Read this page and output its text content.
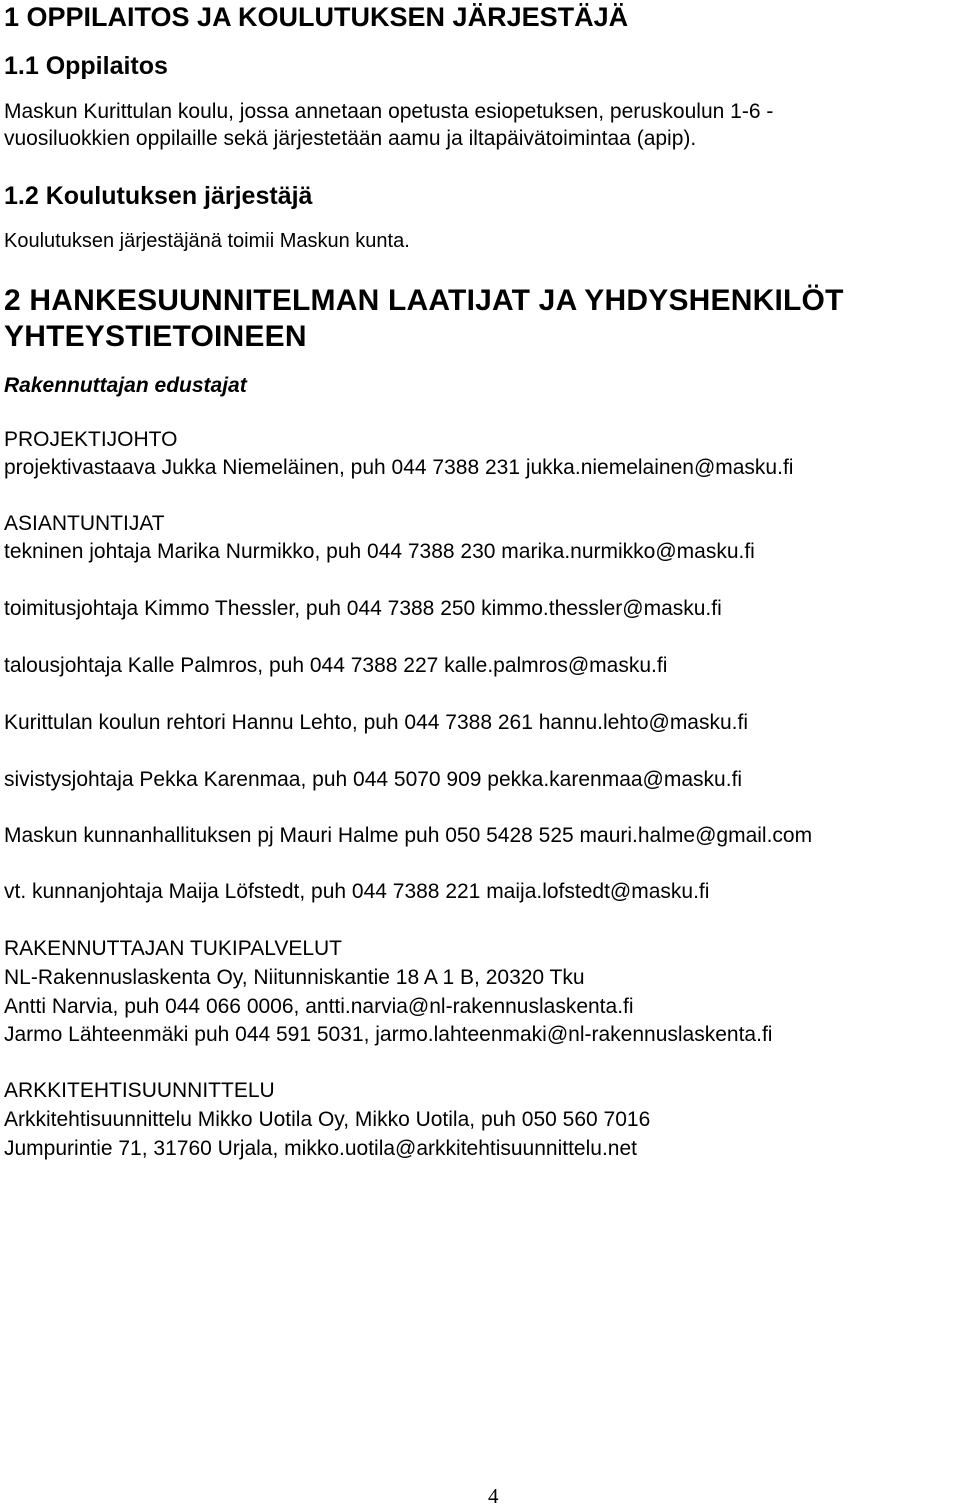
1 OPPILAITOS JA KOULUTUKSEN JÄRJESTÄJÄ
1.1 Oppilaitos
Maskun Kurittulan koulu, jossa annetaan opetusta esiopetuksen, peruskoulun 1-6 -
vuosiluokkien oppilaille sekä järjestetään aamu ja iltapäivätoimintaa (apip).
1.2 Koulutuksen järjestäjä
Koulutuksen järjestäjänä toimii Maskun kunta.
2 HANKESUUNNITELMAN LAATIJAT JA YHDYSHENKILÖT
YHTEYSTIETOINEEN
Rakennuttajan edustajat
PROJEKTIJOHTO
projektivastaava Jukka Niemeläinen, puh 044 7388 231 jukka.niemelainen@masku.fi
ASIANTUNTIJAT
tekninen johtaja Marika Nurmikko, puh 044 7388 230 marika.nurmikko@masku.fi
toimitusjohtaja Kimmo Thessler, puh 044 7388 250 kimmo.thessler@masku.fi
talousjohtaja Kalle Palmros, puh 044 7388 227 kalle.palmros@masku.fi
Kurittulan koulun rehtori Hannu Lehto, puh 044 7388 261 hannu.lehto@masku.fi
sivistysjohtaja Pekka Karenmaa, puh 044 5070 909 pekka.karenmaa@masku.fi
Maskun kunnanhallituksen pj Mauri Halme puh 050 5428 525 mauri.halme@gmail.com
vt. kunnanjohtaja Maija Löfstedt, puh 044 7388 221 maija.lofstedt@masku.fi
RAKENNUTTAJAN TUKIPALVELUT
NL-Rakennuslaskenta Oy, Niitunniskantie 18 A 1 B, 20320 Tku
Antti Narvia, puh 044 066 0006, antti.narvia@nl-rakennuslaskenta.fi
Jarmo Lähteenmäki puh 044 591 5031, jarmo.lahteenmaki@nl-rakennuslaskenta.fi
ARKKITEHTISUUNNITTELU
Arkkitehtisuunnittelu Mikko Uotila Oy, Mikko Uotila, puh 050 560 7016
Jumpurintie 71, 31760 Urjala, mikko.uotila@arkkitehtisuunnittelu.net
4
